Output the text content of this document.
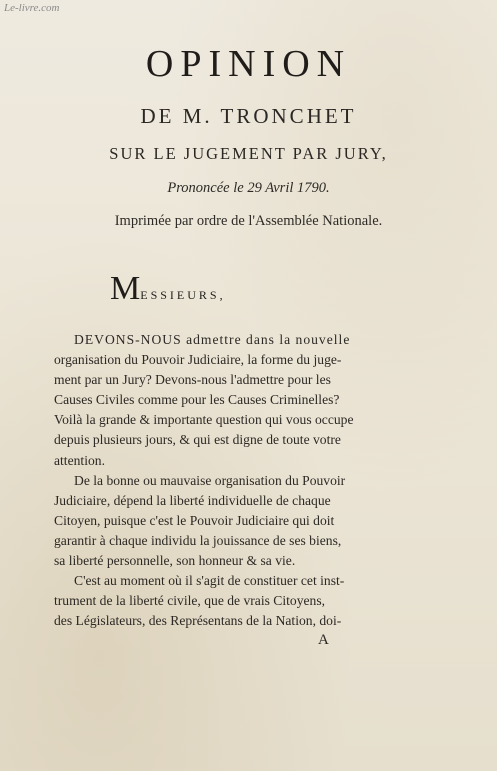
Le-livre.com
OPINION
DE M. TRONCHET
SUR LE JUGEMENT PAR JURY,
Prononcée le 29 Avril 1790.
Imprimée par ordre de l'Assemblée Nationale.
MESSIEURS,
DEVONS-NOUS admettre dans la nouvelle
organisation du Pouvoir Judiciaire, la forme du juge-
ment par un Jury? Devons-nous l'admettre pour les
Causes Civiles comme pour les Causes Criminelles?
Voilà la grande & importante question qui vous occupe
depuis plusieurs jours, & qui est digne de toute votre
attention.
De la bonne ou mauvaise organisation du Pouvoir
Judiciaire, dépend la liberté individuelle de chaque
Citoyen, puisque c'est le Pouvoir Judiciaire qui doit
garantir à chaque individu la jouissance de ses biens,
sa liberté personnelle, son honneur & sa vie.
C'est au moment où il s'agit de constituer cet inst-
trument de la liberté civile, que de vrais Citoyens,
des Législateurs, des Représentans de la Nation, doi-
A
